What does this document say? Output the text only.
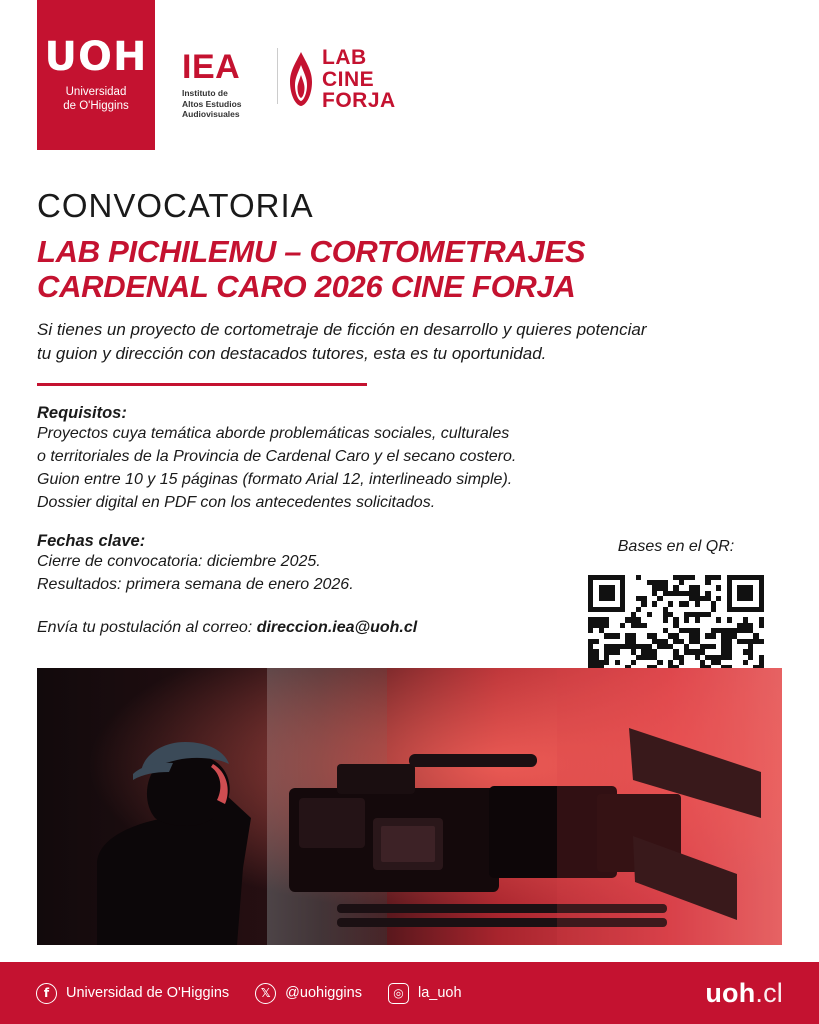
UOH
Universidad
de O'Higgins
IEA
Instituto de
Altos Estudios
Audiovisuales
LAB
CINE
FORJA
CONVOCATORIA
LAB PICHILEMU – CORTOMETRAJES
CARDENAL CARO 2026 CINE FORJA
Si tienes un proyecto de cortometraje de ficción en desarrollo y quieres potenciar
tu guion y dirección con destacados tutores, esta es tu oportunidad.
Requisitos:
Proyectos cuya temática aborde problemáticas sociales, culturales
o territoriales de la Provincia de Cardenal Caro y el secano costero.
Guion entre 10 y 15 páginas (formato Arial 12, interlineado simple).
Dossier digital en PDF con los antecedentes solicitados.
Fechas clave:
Cierre de convocatoria: diciembre 2025.
Resultados: primera semana de enero 2026.
Envía tu postulación al correo: direccion.iea@uoh.cl
Bases en el QR:
f	Universidad de O'Higgins	𝕏	@uohiggins	◎ la_uoh	uoh.cl
